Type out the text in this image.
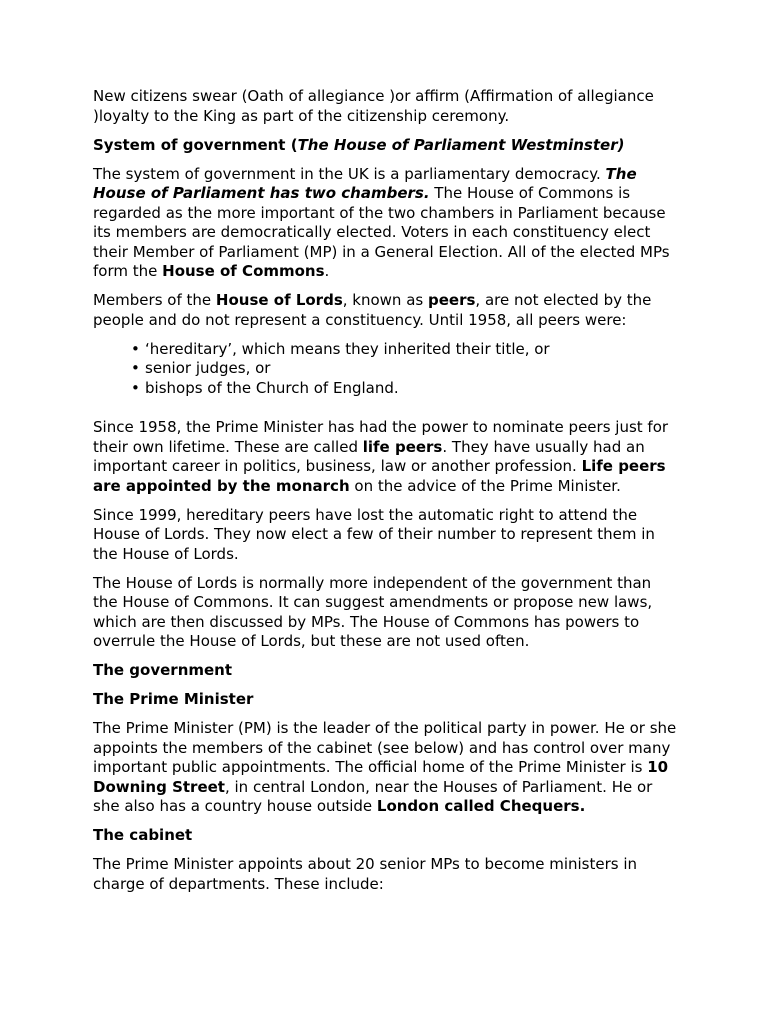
New citizens swear (Oath of allegiance )or affirm (Affirmation of allegiance )loyalty to the King as part of the citizenship ceremony.

System of government (The House of Parliament Westminster)

The system of government in the UK is a parliamentary democracy. The House of Parliament has two chambers. The House of Commons is regarded as the more important of the two chambers in Parliament because its members are democratically elected. Voters in each constituency elect their Member of Parliament (MP) in a General Election. All of the elected MPs form the House of Commons.

Members of the House of Lords, known as peers, are not elected by the people and do not represent a constituency. Until 1958, all peers were:

• ‘hereditary’, which means they inherited their title, or
• senior judges, or
• bishops of the Church of England.

Since 1958, the Prime Minister has had the power to nominate peers just for their own lifetime. These are called life peers. They have usually had an important career in politics, business, law or another profession. Life peers are appointed by the monarch on the advice of the Prime Minister.

Since 1999, hereditary peers have lost the automatic right to attend the House of Lords. They now elect a few of their number to represent them in the House of Lords.

The House of Lords is normally more independent of the government than the House of Commons. It can suggest amendments or propose new laws, which are then discussed by MPs. The House of Commons has powers to overrule the House of Lords, but these are not used often.

The government
The Prime Minister

The Prime Minister (PM) is the leader of the political party in power. He or she appoints the members of the cabinet (see below) and has control over many important public appointments. The official home of the Prime Minister is 10 Downing Street, in central London, near the Houses of Parliament. He or she also has a country house outside London called Chequers.

The cabinet

The Prime Minister appoints about 20 senior MPs to become ministers in charge of departments. These include:
